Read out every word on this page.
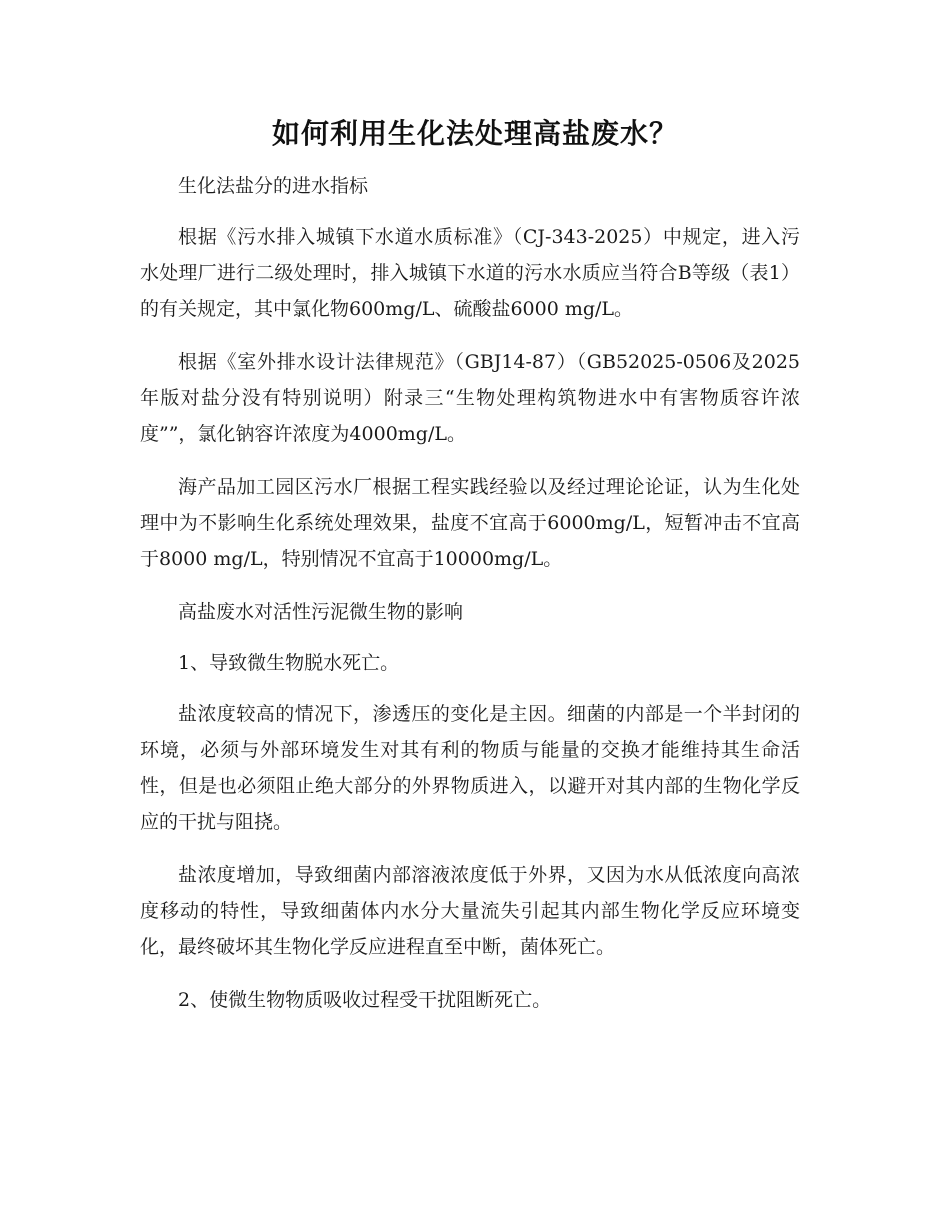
如何利用生化法处理高盐废水？

生化法盐分的进水指标

根据《污水排入城镇下水道水质标准》（CJ-343-2025）中规定，进入污水处理厂进行二级处理时，排入城镇下水道的污水水质应当符合B等级（表1）的有关规定，其中氯化物600mg/L、硫酸盐6000 mg/L。

根据《室外排水设计法律规范》（GBJ14-87）（GB52025-0506及2025年版对盐分没有特别说明）附录三“生物处理构筑物进水中有害物质容许浓度””，氯化钠容许浓度为4000mg/L。

海产品加工园区污水厂根据工程实践经验以及经过理论论证，认为生化处理中为不影响生化系统处理效果，盐度不宜高于6000mg/L，短暂冲击不宜高于8000 mg/L，特别情况不宜高于10000mg/L。

高盐废水对活性污泥微生物的影响

1、导致微生物脱水死亡。

盐浓度较高的情况下，渗透压的变化是主因。细菌的内部是一个半封闭的环境，必须与外部环境发生对其有利的物质与能量的交换才能维持其生命活性，但是也必须阻止绝大部分的外界物质进入，以避开对其内部的生物化学反应的干扰与阻挠。

盐浓度增加，导致细菌内部溶液浓度低于外界，又因为水从低浓度向高浓度移动的特性，导致细菌体内水分大量流失引起其内部生物化学反应环境变化，最终破坏其生物化学反应进程直至中断，菌体死亡。

2、使微生物物质吸收过程受干扰阻断死亡。
